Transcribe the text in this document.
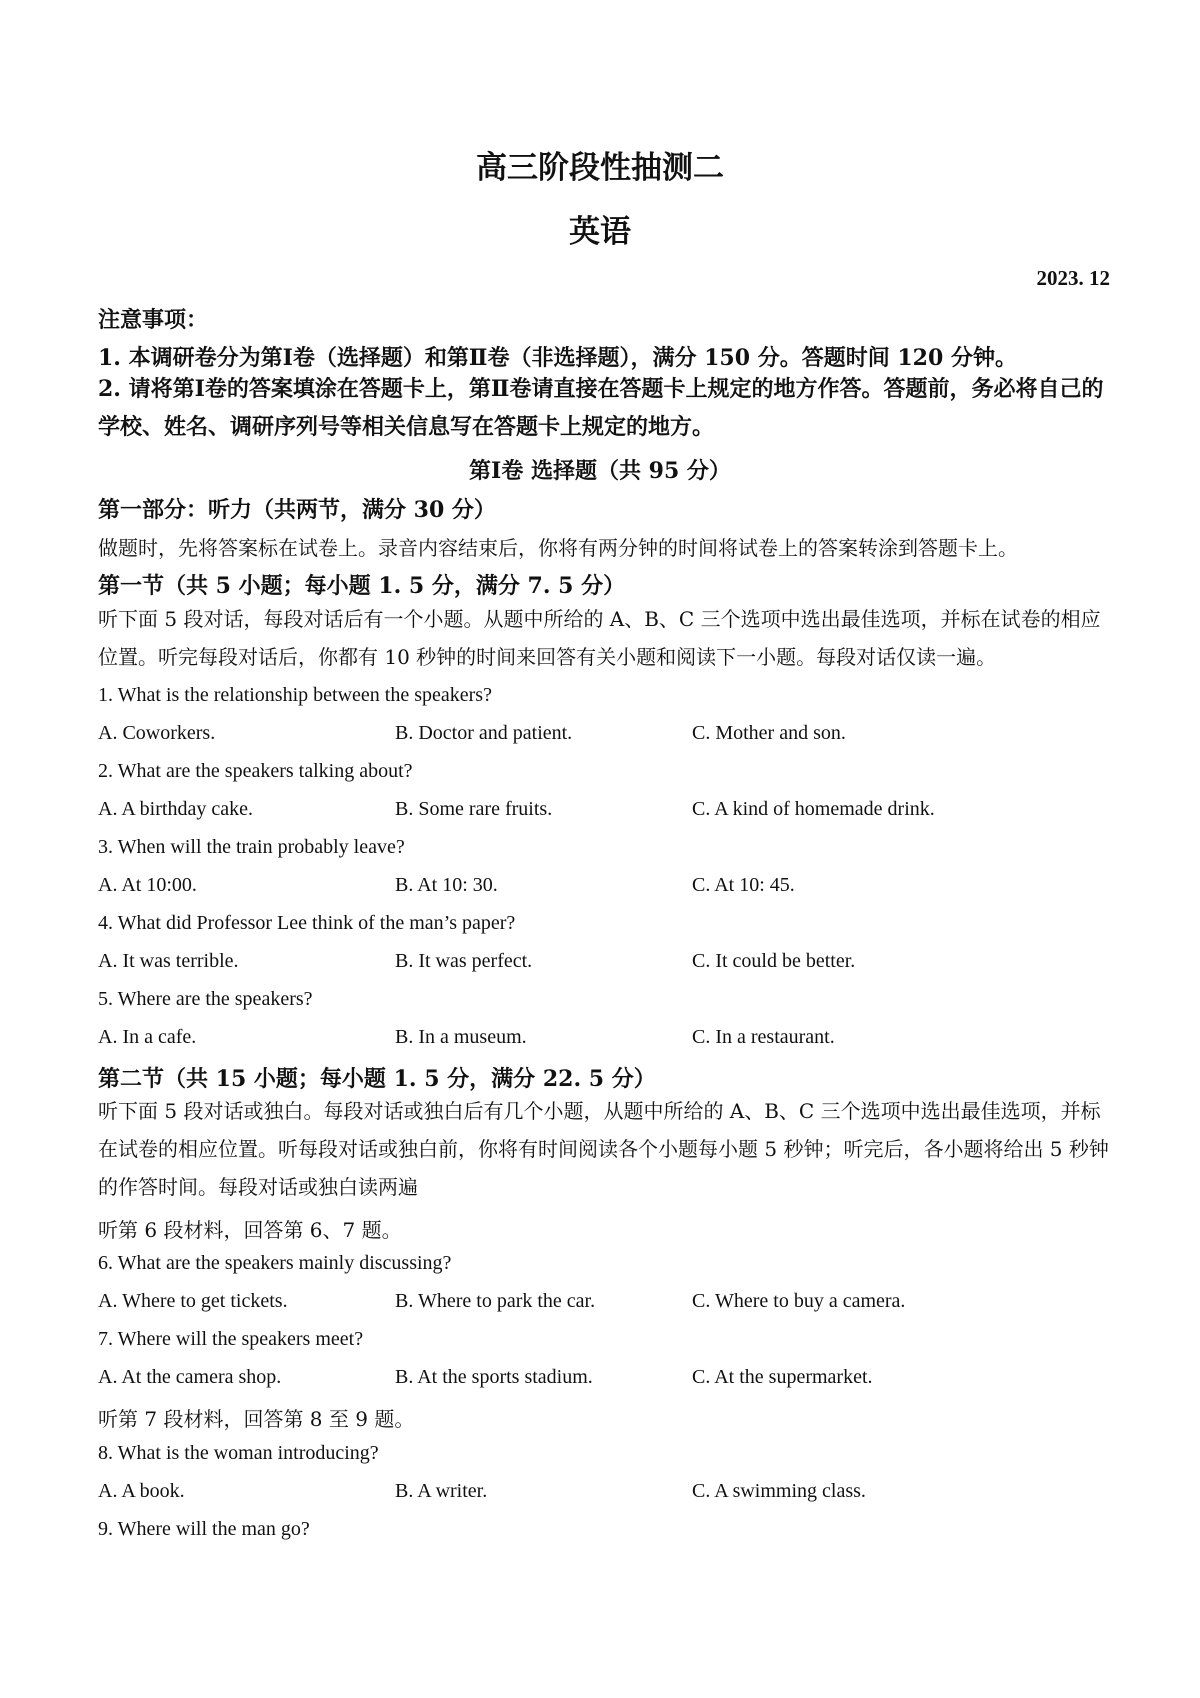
高三阶段性抽测二
英语
2023. 12
注意事项：
1. 本调研卷分为第Ⅰ卷（选择题）和第Ⅱ卷（非选择题），满分 150 分。答题时间 120 分钟。
2. 请将第Ⅰ卷的答案填涂在答题卡上，第Ⅱ卷请直接在答题卡上规定的地方作答。答题前，务必将自己的学校、姓名、调研序列号等相关信息写在答题卡上规定的地方。
第Ⅰ卷 选择题（共 95 分）
第一部分：听力（共两节，满分 30 分）
做题时，先将答案标在试卷上。录音内容结束后，你将有两分钟的时间将试卷上的答案转涂到答题卡上。
第一节（共 5 小题；每小题 1. 5 分，满分 7. 5 分）
听下面 5 段对话，每段对话后有一个小题。从题中所给的 A、B、C 三个选项中选出最佳选项，并标在试卷的相应位置。听完每段对话后，你都有 10 秒钟的时间来回答有关小题和阅读下一小题。每段对话仅读一遍。
1. What is the relationship between the speakers?
A. Coworkers.	B. Doctor and patient.	C. Mother and son.
2. What are the speakers talking about?
A. A birthday cake.	B. Some rare fruits.	C. A kind of homemade drink.
3. When will the train probably leave?
A. At 10:00.	B. At 10: 30.	C. At 10: 45.
4. What did Professor Lee think of the man’s paper?
A. It was terrible.	B. It was perfect.	C. It could be better.
5. Where are the speakers?
A. In a cafe.	B. In a museum.	C. In a restaurant.
第二节（共 15 小题；每小题 1. 5 分，满分 22. 5 分）
听下面 5 段对话或独白。每段对话或独白后有几个小题，从题中所给的 A、B、C 三个选项中选出最佳选项，并标在试卷的相应位置。听每段对话或独白前，你将有时间阅读各个小题每小题 5 秒钟；听完后，各小题将给出 5 秒钟的作答时间。每段对话或独白读两遍
听第 6 段材料，回答第 6、7 题。
6. What are the speakers mainly discussing?
A. Where to get tickets.	B. Where to park the car.	C. Where to buy a camera.
7. Where will the speakers meet?
A. At the camera shop.	B. At the sports stadium.	C. At the supermarket.
听第 7 段材料，回答第 8 至 9 题。
8. What is the woman introducing?
A. A book.	B. A writer.	C. A swimming class.
9. Where will the man go?
